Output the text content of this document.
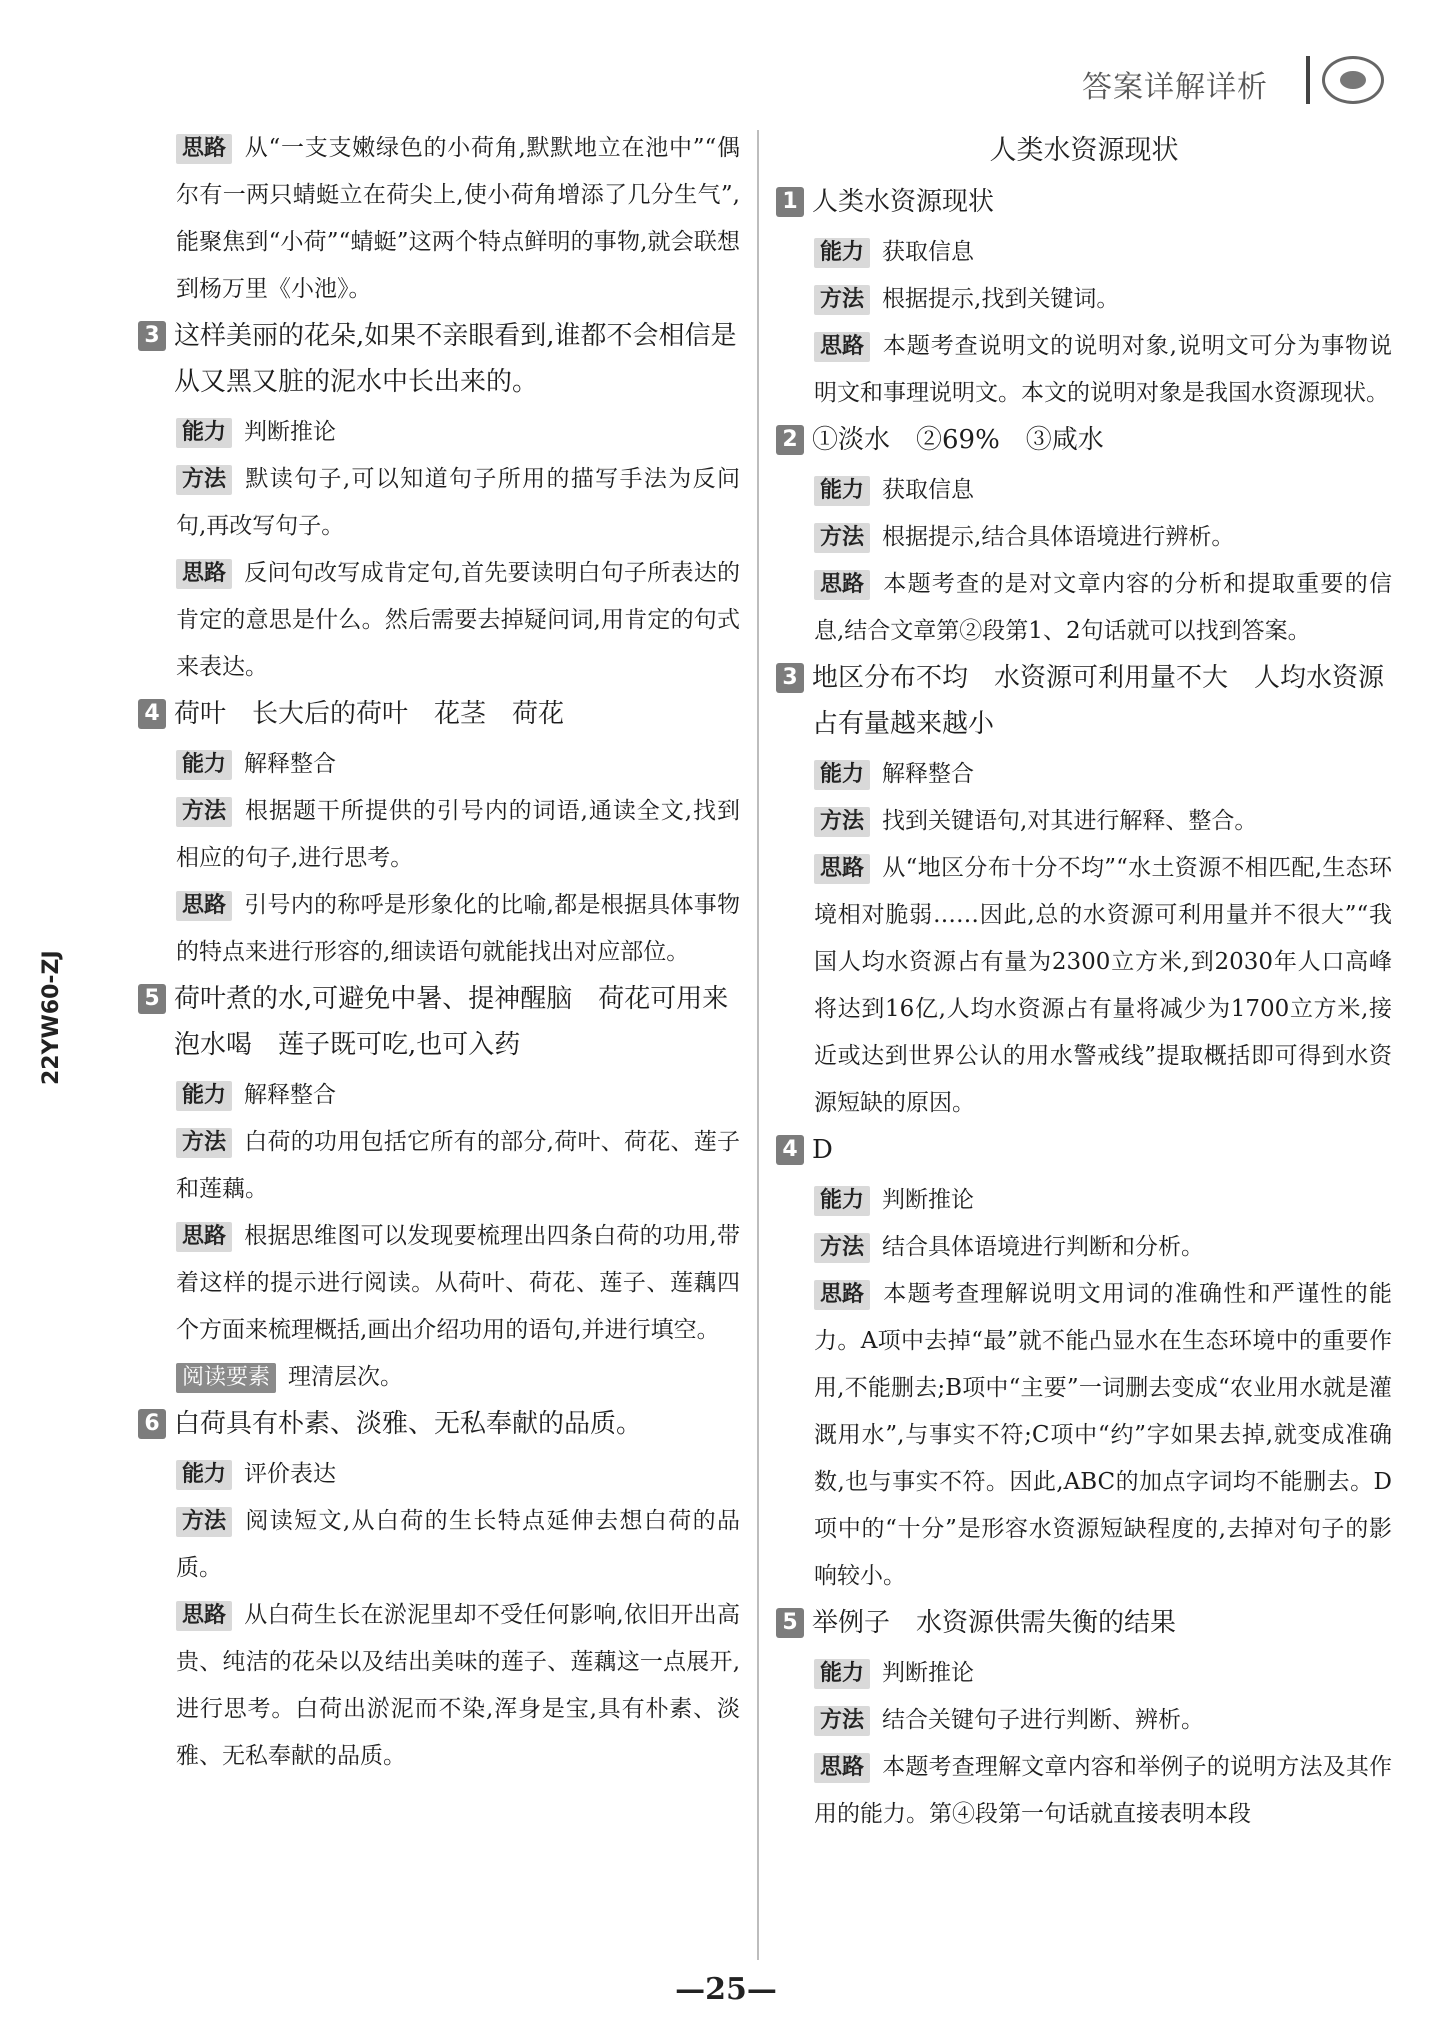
答案详解详析
22YW60-ZJ
思路 从“一支支嫩绿色的小荷角,默默地立在池中”“偶尔有一两只蜻蜓立在荷尖上,使小荷角增添了几分生气”,能聚焦到“小荷”“蜻蜓”这两个特点鲜明的事物,就会联想到杨万里《小池》。
3 这样美丽的花朵,如果不亲眼看到,谁都不会相信是从又黑又脏的泥水中长出来的。
能力 判断推论
方法 默读句子,可以知道句子所用的描写手法为反问句,再改写句子。
思路 反问句改写成肯定句,首先要读明白句子所表达的肯定的意思是什么。然后需要去掉疑问词,用肯定的句式来表达。
4 荷叶　长大后的荷叶　花茎　荷花
能力 解释整合
方法 根据题干所提供的引号内的词语,通读全文,找到相应的句子,进行思考。
思路 引号内的称呼是形象化的比喻,都是根据具体事物的特点来进行形容的,细读语句就能找出对应部位。
5 荷叶煮的水,可避免中暑、提神醒脑　荷花可用来泡水喝　莲子既可吃,也可入药
能力 解释整合
方法 白荷的功用包括它所有的部分,荷叶、荷花、莲子和莲藕。
思路 根据思维图可以发现要梳理出四条白荷的功用,带着这样的提示进行阅读。从荷叶、荷花、莲子、莲藕四个方面来梳理概括,画出介绍功用的语句,并进行填空。
阅读要素 理清层次。
6 白荷具有朴素、淡雅、无私奉献的品质。
能力 评价表达
方法 阅读短文,从白荷的生长特点延伸去想白荷的品质。
思路 从白荷生长在淤泥里却不受任何影响,依旧开出高贵、纯洁的花朵以及结出美味的莲子、莲藕这一点展开,进行思考。白荷出淤泥而不染,浑身是宝,具有朴素、淡雅、无私奉献的品质。
人类水资源现状
1 人类水资源现状
能力 获取信息
方法 根据提示,找到关键词。
思路 本题考查说明文的说明对象,说明文可分为事物说明文和事理说明文。本文的说明对象是我国水资源现状。
2 ①淡水　②69%　③咸水
能力 获取信息
方法 根据提示,结合具体语境进行辨析。
思路 本题考查的是对文章内容的分析和提取重要的信息,结合文章第②段第1、2句话就可以找到答案。
3 地区分布不均　水资源可利用量不大　人均水资源占有量越来越小
能力 解释整合
方法 找到关键语句,对其进行解释、整合。
思路 从“地区分布十分不均”“水土资源不相匹配,生态环境相对脆弱……因此,总的水资源可利用量并不很大”“我国人均水资源占有量为2300立方米,到2030年人口高峰将达到16亿,人均水资源占有量将减少为1700立方米,接近或达到世界公认的用水警戒线”提取概括即可得到水资源短缺的原因。
4 D
能力 判断推论
方法 结合具体语境进行判断和分析。
思路 本题考查理解说明文用词的准确性和严谨性的能力。A项中去掉“最”就不能凸显水在生态环境中的重要作用,不能删去;B项中“主要”一词删去变成“农业用水就是灌溉用水”,与事实不符;C项中“约”字如果去掉,就变成准确数,也与事实不符。因此,ABC的加点字词均不能删去。D项中的“十分”是形容水资源短缺程度的,去掉对句子的影响较小。
5 举例子　水资源供需失衡的结果
能力 判断推论
方法 结合关键句子进行判断、辨析。
思路 本题考查理解文章内容和举例子的说明方法及其作用的能力。第④段第一句话就直接表明本段
—25—
